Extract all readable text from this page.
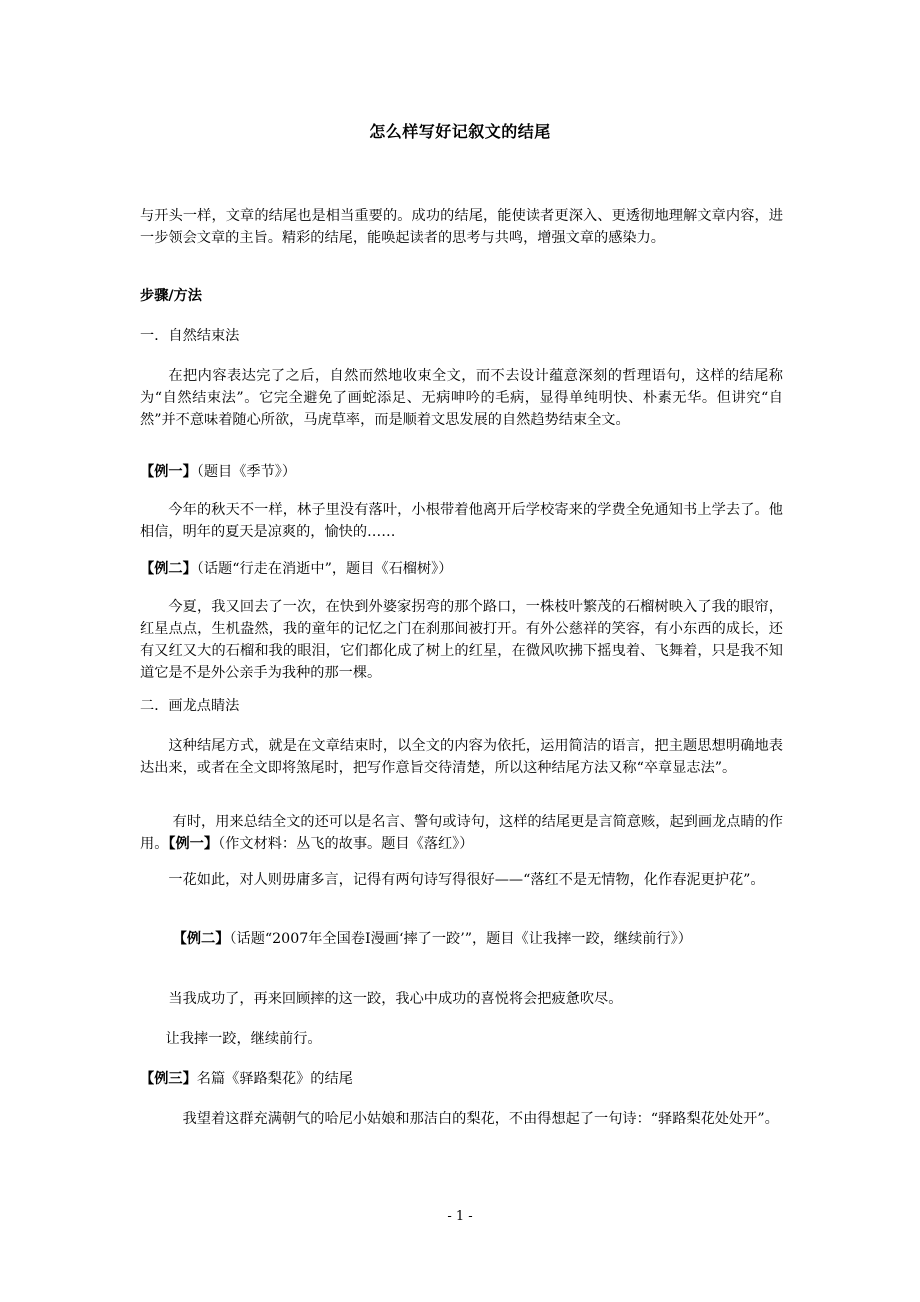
怎么样写好记叙文的结尾
与开头一样，文章的结尾也是相当重要的。成功的结尾，能使读者更深入、更透彻地理解文章内容，进一步领会文章的主旨。精彩的结尾，能唤起读者的思考与共鸣，增强文章的感染力。
步骤/方法
一．自然结束法
在把内容表达完了之后，自然而然地收束全文，而不去设计蕴意深刻的哲理语句，这样的结尾称为“自然结束法”。它完全避免了画蛇添足、无病呻吟的毛病，显得单纯明快、朴素无华。但讲究“自然”并不意味着随心所欲，马虎草率，而是顺着文思发展的自然趋势结束全文。
【例一】（题目《季节》）
今年的秋天不一样，林子里没有落叶，小根带着他离开后学校寄来的学费全免通知书上学去了。他相信，明年的夏天是凉爽的，愉快的……
【例二】（话题“行走在消逝中”，题目《石榴树》）
今夏，我又回去了一次，在快到外婆家拐弯的那个路口，一株枝叶繁茂的石榴树映入了我的眼帘，红星点点，生机盎然，我的童年的记忆之门在刹那间被打开。有外公慈祥的笑容，有小东西的成长，还有又红又大的石榴和我的眼泪，它们都化成了树上的红星，在微风吹拂下摇曳着、飞舞着，只是我不知道它是不是外公亲手为我种的那一棵。
二．画龙点睛法
这种结尾方式，就是在文章结束时，以全文的内容为依托，运用简洁的语言，把主题思想明确地表达出来，或者在全文即将煞尾时，把写作意旨交待清楚，所以这种结尾方法又称“卒章显志法”。
有时，用来总结全文的还可以是名言、警句或诗句，这样的结尾更是言简意赅，起到画龙点睛的作用。【例一】（作文材料：丛飞的故事。题目《落红》）
一花如此，对人则毋庸多言，记得有两句诗写得很好——“落红不是无情物，化作春泥更护花”。
【例二】（话题“2007年全国卷Ⅰ漫画‘摔了一跤’”，题目《让我摔一跤，继续前行》）
当我成功了，再来回顾摔的这一跤，我心中成功的喜悦将会把疲惫吹尽。
让我摔一跤，继续前行。
【例三】名篇《驿路梨花》的结尾
我望着这群充满朝气的哈尼小姑娘和那洁白的梨花，不由得想起了一句诗：“驿路梨花处处开”。
- 1 -
